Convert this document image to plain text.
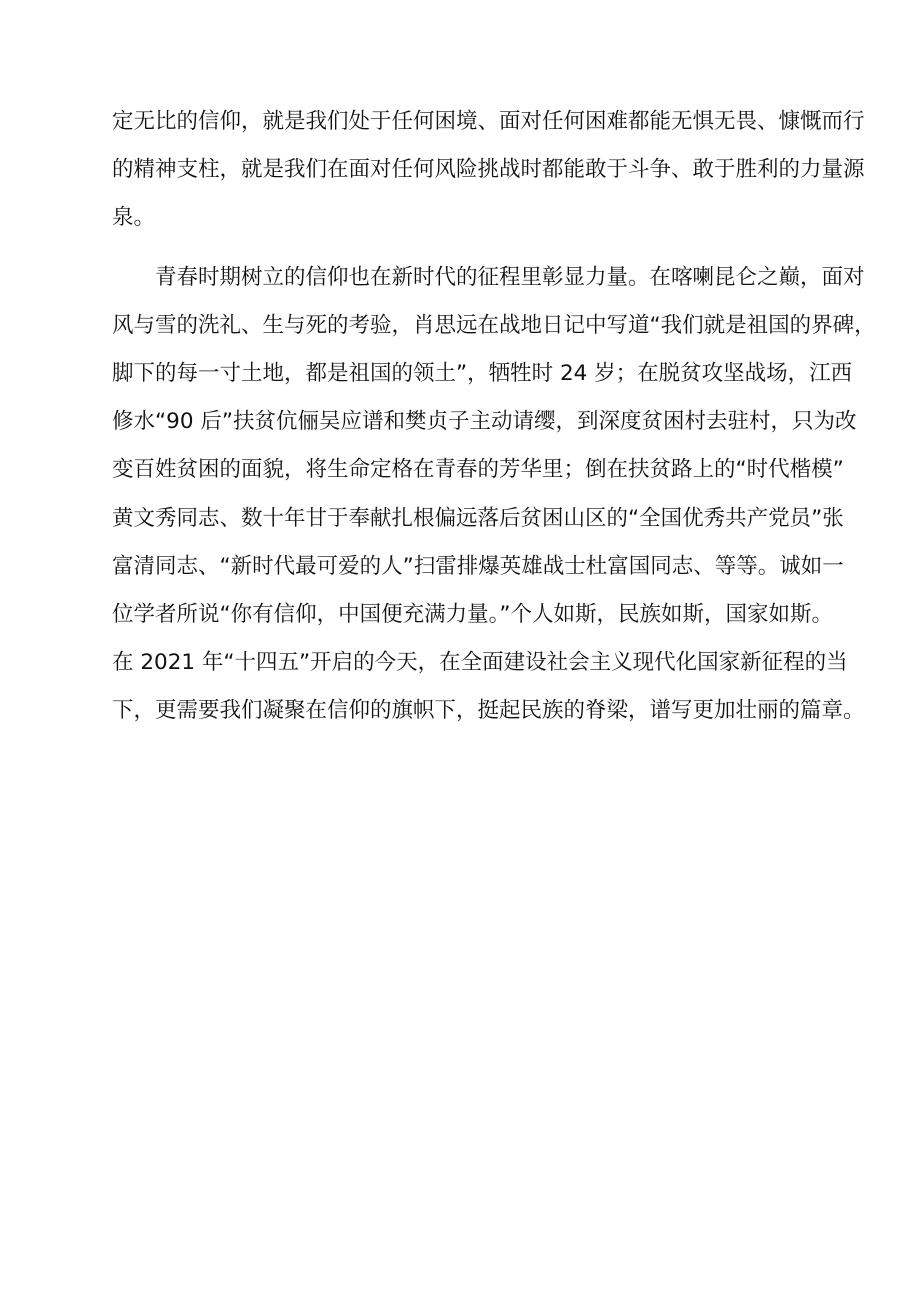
定无比的信仰，就是我们处于任何困境、面对任何困难都能无惧无畏、慷慨而行
的精神支柱，就是我们在面对任何风险挑战时都能敢于斗争、敢于胜利的力量源
泉。
青春时期树立的信仰也在新时代的征程里彰显力量。在喀喇昆仑之巅，面对
风与雪的洗礼、生与死的考验，肖思远在战地日记中写道“我们就是祖国的界碑，
脚下的每一寸土地，都是祖国的领土”，牺牲时 24 岁；在脱贫攻坚战场，江西
修水“90 后”扶贫伉俪吴应谱和樊贞子主动请缨，到深度贫困村去驻村，只为改
变百姓贫困的面貌，将生命定格在青春的芳华里；倒在扶贫路上的“时代楷模”
黄文秀同志、数十年甘于奉献扎根偏远落后贫困山区的“全国优秀共产党员”张
富清同志、“新时代最可爱的人”扫雷排爆英雄战士杜富国同志、等等。诚如一
位学者所说“你有信仰，中国便充满力量。”个人如斯，民族如斯，国家如斯。
在 2021 年“十四五”开启的今天，在全面建设社会主义现代化国家新征程的当
下，更需要我们凝聚在信仰的旗帜下，挺起民族的脊梁，谱写更加壮丽的篇章。
